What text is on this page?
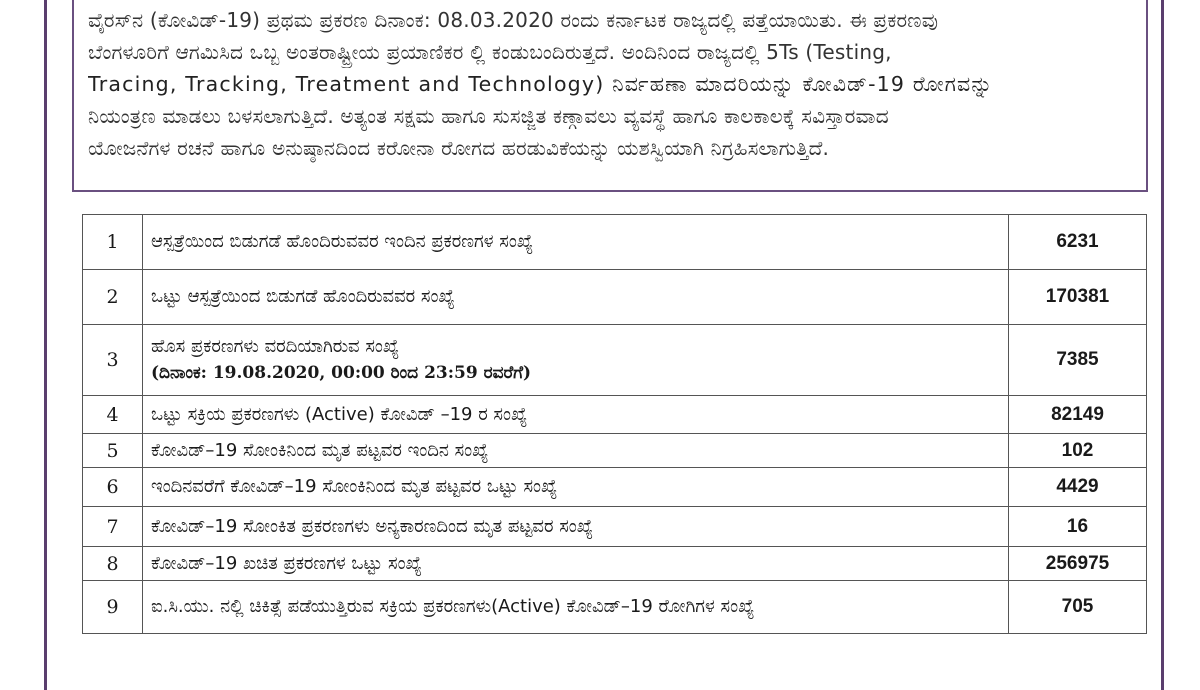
ವೈರಸ್‌ನ (ಕೋವಿಡ್‌-19) ಪ್ರಥಮ ಪ್ರಕರಣ ದಿನಾಂಕ: 08.03.2020 ರಂದು ಕರ್ನಾಟಕ ರಾಜ್ಯದಲ್ಲಿ ಪತ್ತೆಯಾಯಿತು. ಈ ಪ್ರಕರಣವು
ಬೆಂಗಳೂರಿಗೆ ಆಗಮಿಸಿದ ಒಬ್ಬ ಅಂತರಾಷ್ಟ್ರೀಯ ಪ್ರಯಾಣಿಕರ ಲ್ಲಿ ಕಂಡುಬಂದಿರುತ್ತದೆ. ಅಂದಿನಿಂದ ರಾಜ್ಯದಲ್ಲಿ 5Ts (Testing,
Tracing, Tracking, Treatment and Technology) ನಿರ್ವಹಣಾ ಮಾದರಿಯನ್ನು ಕೋವಿಡ್‌-19 ರೋಗವನ್ನು
ನಿಯಂತ್ರಣ ಮಾಡಲು ಬಳಸಲಾಗುತ್ತಿದೆ. ಅತ್ಯಂತ ಸಕ್ಷಮ ಹಾಗೂ ಸುಸಜ್ಜಿತ ಕಣ್ಗಾವಲು ವ್ಯವಸ್ಥೆ ಹಾಗೂ ಕಾಲಕಾಲಕ್ಕೆ ಸವಿಸ್ತಾರವಾದ
ಯೋಜನೆಗಳ ರಚನೆ ಹಾಗೂ ಅನುಷ್ಠಾನದಿಂದ ಕರೋನಾ ರೋಗದ ಹರಡುವಿಕೆಯನ್ನು ಯಶಸ್ವಿಯಾಗಿ ನಿಗ್ರಹಿಸಲಾಗುತ್ತಿದೆ.
1	ಆಸ್ಪತ್ರೆಯಿಂದ ಬಿಡುಗಡೆ ಹೊಂದಿರುವವರ ಇಂದಿನ ಪ್ರಕರಣಗಳ ಸಂಖ್ಯೆ	6231
2	ಒಟ್ಟು ಆಸ್ಪತ್ರೆಯಿಂದ ಬಿಡುಗಡೆ ಹೊಂದಿರುವವರ ಸಂಖ್ಯೆ	170381
3	ಹೊಸ ಪ್ರಕರಣಗಳು ವರದಿಯಾಗಿರುವ ಸಂಖ್ಯೆ
(ದಿನಾಂಕ: 19.08.2020, 00:00 ರಿಂದ 23:59 ರವರೆಗೆ)	7385
4	ಒಟ್ಟು ಸಕ್ರಿಯ ಪ್ರಕರಣಗಳು (Active) ಕೋವಿಡ್‌ –19 ರ ಸಂಖ್ಯೆ	82149
5	ಕೋವಿಡ್‌–19 ಸೋಂಕಿನಿಂದ ಮೃತ ಪಟ್ಟವರ ಇಂದಿನ ಸಂಖ್ಯೆ	102
6	ಇಂದಿನವರೆಗೆ ಕೋವಿಡ್‌–19 ಸೋಂಕಿನಿಂದ ಮೃತ ಪಟ್ಟವರ ಒಟ್ಟು ಸಂಖ್ಯೆ	4429
7	ಕೋವಿಡ್‌–19 ಸೋಂಕಿತ ಪ್ರಕರಣಗಳು ಅನ್ಯಕಾರಣದಿಂದ ಮೃತ ಪಟ್ಟವರ ಸಂಖ್ಯೆ	16
8	ಕೋವಿಡ್‌–19 ಖಚಿತ ಪ್ರಕರಣಗಳ ಒಟ್ಟು ಸಂಖ್ಯೆ	256975
9	ಐ.ಸಿ.ಯು. ನಲ್ಲಿ ಚಿಕಿತ್ಸೆ ಪಡೆಯುತ್ತಿರುವ ಸಕ್ರಿಯ ಪ್ರಕರಣಗಳು(Active) ಕೋವಿಡ್‌–19 ರೋಗಿಗಳ ಸಂಖ್ಯೆ	705
